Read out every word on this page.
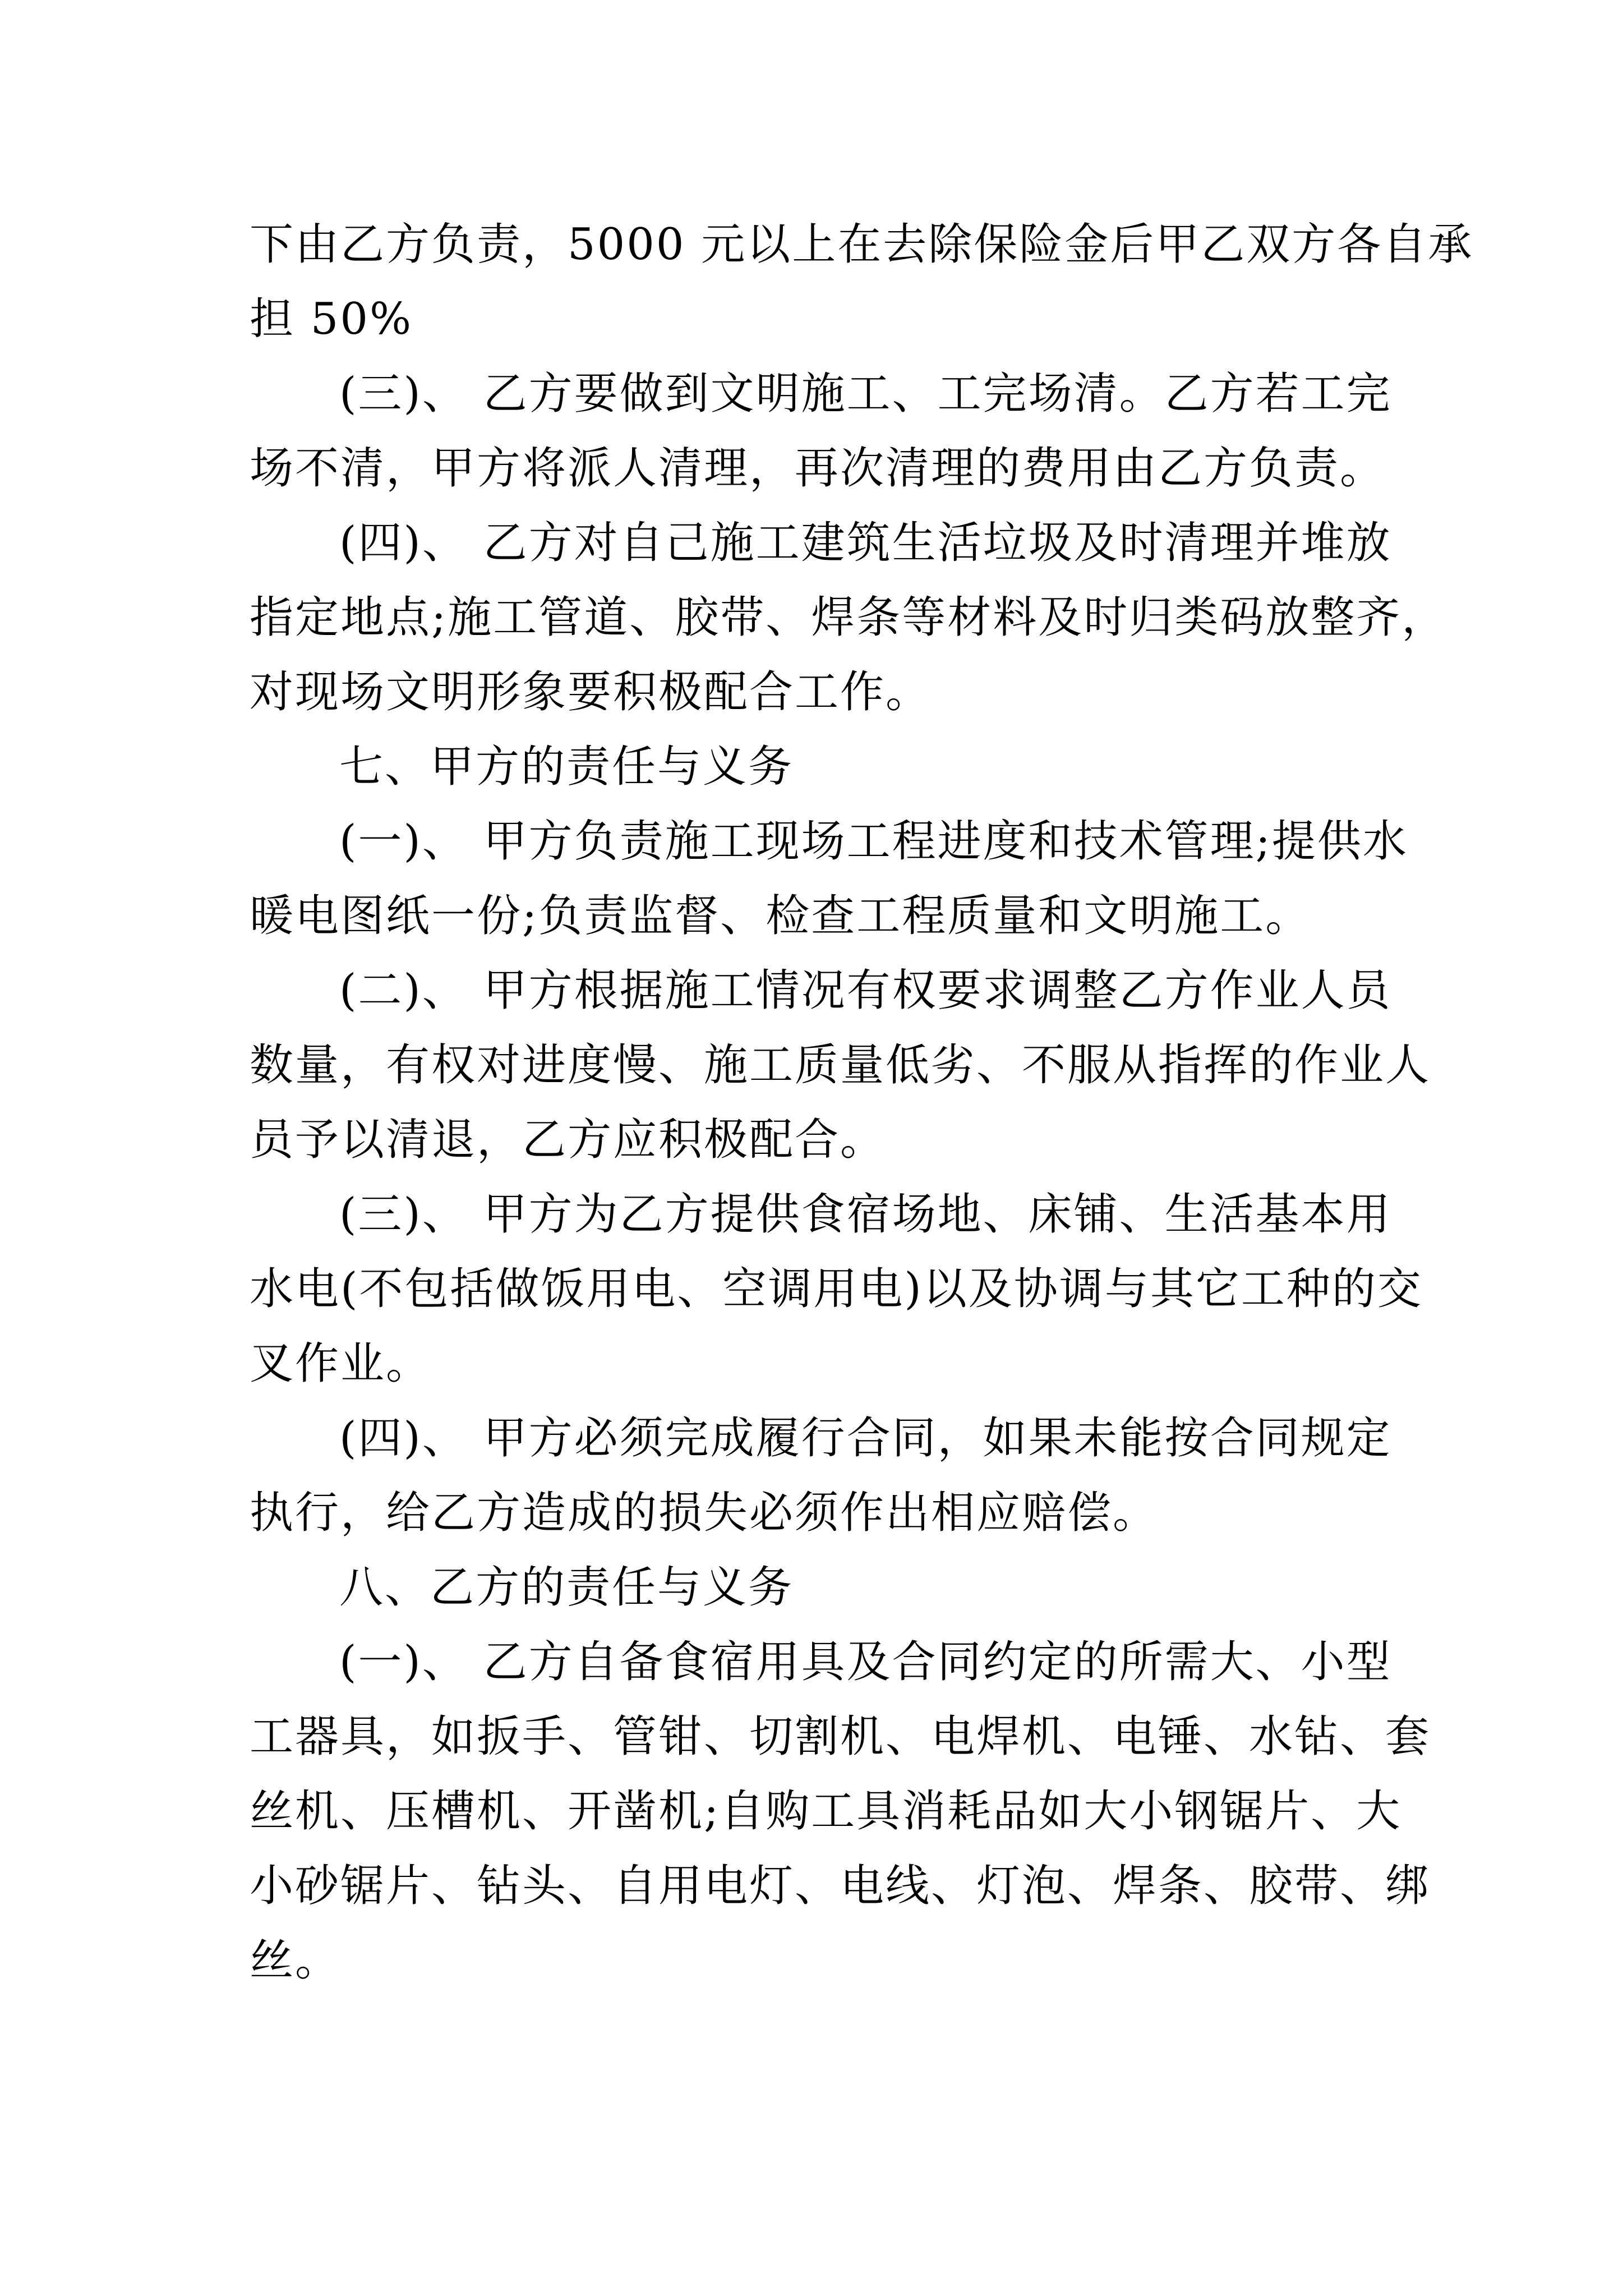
下由乙方负责，5000 元以上在去除保险金后甲乙双方各自承
担 50%
(三)、 乙方要做到文明施工、工完场清。乙方若工完
场不清，甲方将派人清理，再次清理的费用由乙方负责。
(四)、 乙方对自己施工建筑生活垃圾及时清理并堆放
指定地点;施工管道、胶带、焊条等材料及时归类码放整齐，
对现场文明形象要积极配合工作。
七、甲方的责任与义务
(一)、 甲方负责施工现场工程进度和技术管理;提供水
暖电图纸一份;负责监督、检查工程质量和文明施工。
(二)、 甲方根据施工情况有权要求调整乙方作业人员
数量，有权对进度慢、施工质量低劣、不服从指挥的作业人
员予以清退，乙方应积极配合。
(三)、 甲方为乙方提供食宿场地、床铺、生活基本用
水电(不包括做饭用电、空调用电)以及协调与其它工种的交
叉作业。
(四)、 甲方必须完成履行合同，如果未能按合同规定
执行，给乙方造成的损失必须作出相应赔偿。
八、乙方的责任与义务
(一)、 乙方自备食宿用具及合同约定的所需大、小型
工器具，如扳手、管钳、切割机、电焊机、电锤、水钻、套
丝机、压槽机、开凿机;自购工具消耗品如大小钢锯片、大
小砂锯片、钻头、自用电灯、电线、灯泡、焊条、胶带、绑
丝。
